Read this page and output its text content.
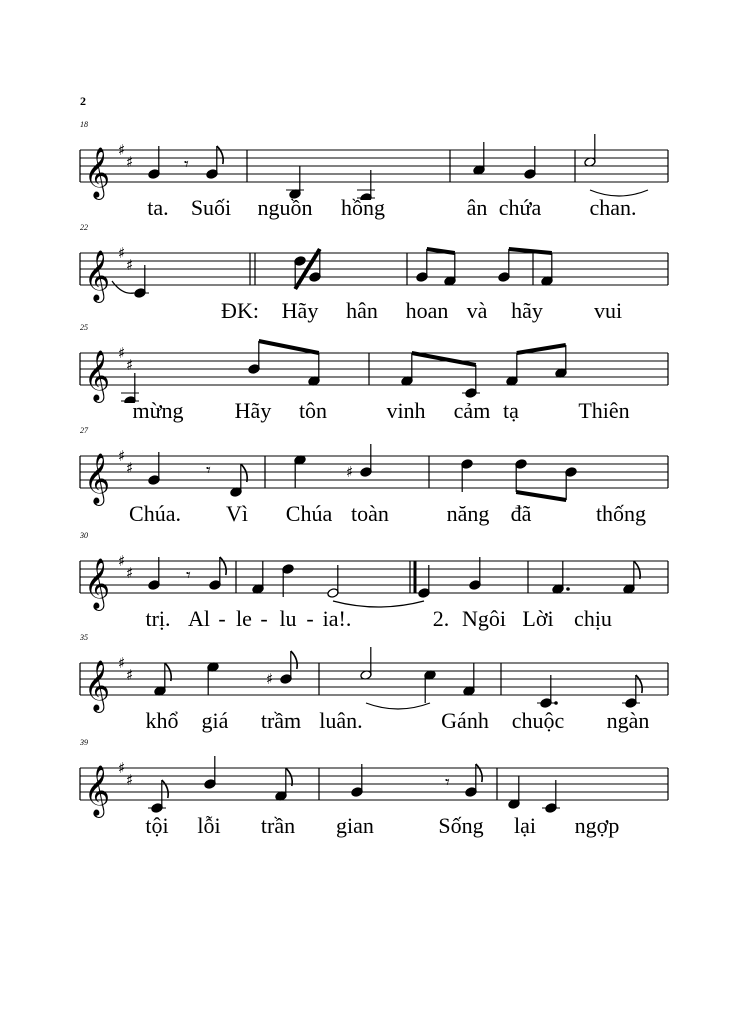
2
𝄞 ♯
♯	𝄾
18
ta. Suối nguồn hồng	ân chứa chan.
𝄞 ♯
♯
22
ĐK: Hãy hân hoan và hãy vui
𝄞 ♯
♯
25
mừng Hãy tôn	vinh cảm tạ	Thiên
𝄞 ♯
♯	𝄾	♯
27
Chúa. Vì Chúa toàn	năng đã	thống
𝄞 ♯
♯	𝄾
30
trị. Al - le - lu - ia!.	2. Ngôi Lời chịu
𝄞 ♯
♯	♯
35
khổ giá trầm luân.	Gánh chuộc ngàn
𝄞 ♯
♯	𝄾
39
tội lỗi trần gian	Sống lại ngợp
